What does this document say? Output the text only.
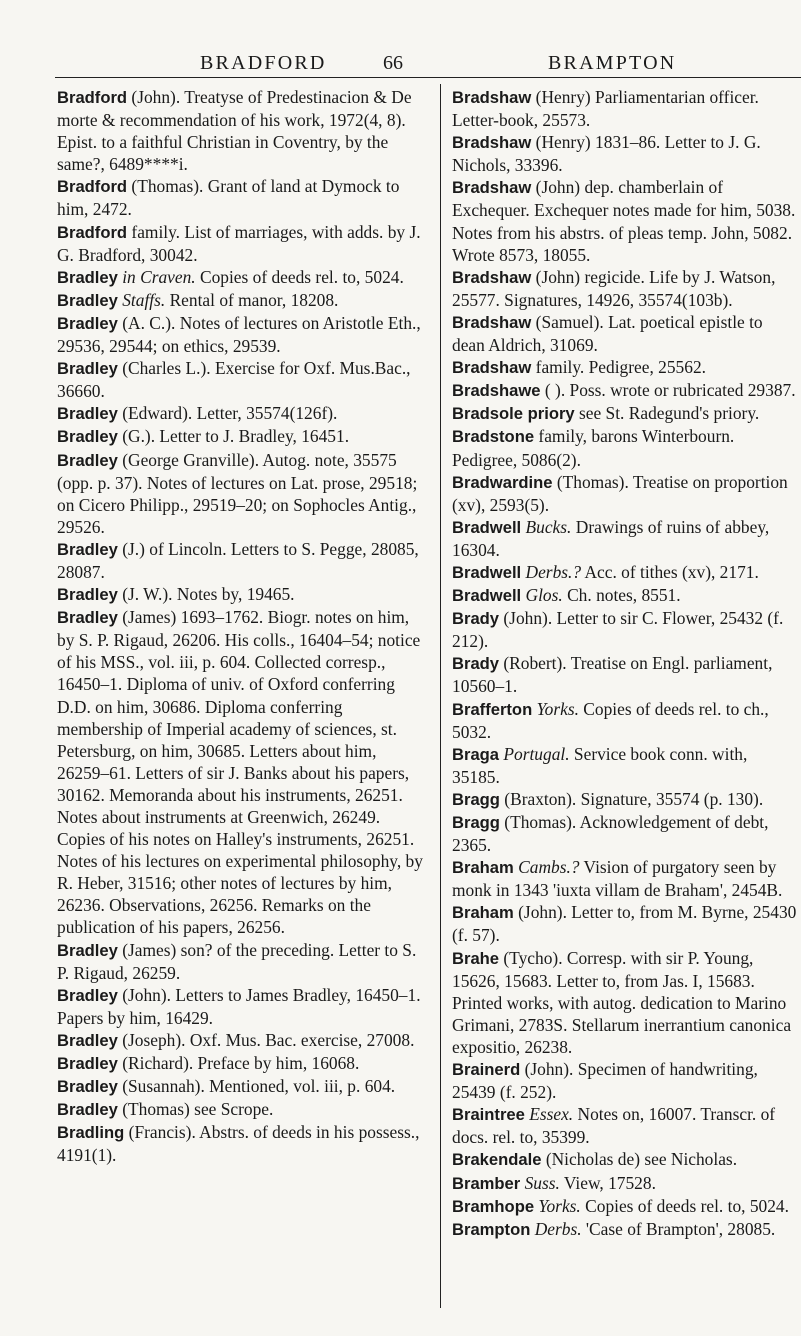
BRADFORD	66	BRAMPTON

Bradford (John). Treatyse of Predestinacion & De morte & recommendation of his work, 1972(4, 8). Epist. to a faithful Christian in Coventry, by the same?, 6489****i.

Bradford (Thomas). Grant of land at Dymock to him, 2472.

Bradford family. List of marriages, with adds. by J. G. Bradford, 30042.

Bradley in Craven. Copies of deeds rel. to, 5024.

Bradley Staffs. Rental of manor, 18208.

Bradley (A. C.). Notes of lectures on Aristotle Eth., 29536, 29544; on ethics, 29539.

Bradley (Charles L.). Exercise for Oxf. Mus.Bac., 36660.

Bradley (Edward). Letter, 35574(126f).

Bradley (G.). Letter to J. Bradley, 16451.

Bradley (George Granville). Autog. note, 35575 (opp. p. 37). Notes of lectures on Lat. prose, 29518; on Cicero Philipp., 29519–20; on Sophocles Antig., 29526.

Bradley (J.) of Lincoln. Letters to S. Pegge, 28085, 28087.

Bradley (J. W.). Notes by, 19465.

Bradley (James) 1693–1762. Biogr. notes on him, by S. P. Rigaud, 26206. His colls., 16404–54; notice of his MSS., vol. iii, p. 604. Collected corresp., 16450–1. Diploma of univ. of Oxford conferring D.D. on him, 30686. Diploma conferring membership of Imperial academy of sciences, st. Petersburg, on him, 30685. Letters about him, 26259–61. Letters of sir J. Banks about his papers, 30162. Memoranda about his instruments, 26251. Notes about instruments at Greenwich, 26249. Copies of his notes on Halley's instruments, 26251. Notes of his lectures on experimental philosophy, by R. Heber, 31516; other notes of lectures by him, 26236. Observations, 26256. Remarks on the publication of his papers, 26256.

Bradley (James) son? of the preceding. Letter to S. P. Rigaud, 26259.

Bradley (John). Letters to James Bradley, 16450–1. Papers by him, 16429.

Bradley (Joseph). Oxf. Mus. Bac. exercise, 27008.

Bradley (Richard). Preface by him, 16068.

Bradley (Susannah). Mentioned, vol. iii, p. 604.

Bradley (Thomas) see Scrope.

Bradling (Francis). Abstrs. of deeds in his possess., 4191(1).

Bradshaw (Henry) Parliamentarian officer. Letter-book, 25573.

Bradshaw (Henry) 1831–86. Letter to J. G. Nichols, 33396.

Bradshaw (John) dep. chamberlain of Exchequer. Exchequer notes made for him, 5038. Notes from his abstrs. of pleas temp. John, 5082. Wrote 8573, 18055.

Bradshaw (John) regicide. Life by J. Watson, 25577. Signatures, 14926, 35574(103b).

Bradshaw (Samuel). Lat. poetical epistle to dean Aldrich, 31069.

Bradshaw family. Pedigree, 25562.

Bradshawe ( ). Poss. wrote or rubricated 29387.

Bradsole priory see St. Radegund's priory.

Bradstone family, barons Winterbourn. Pedigree, 5086(2).

Bradwardine (Thomas). Treatise on proportion (xv), 2593(5).

Bradwell Bucks. Drawings of ruins of abbey, 16304.

Bradwell Derbs.? Acc. of tithes (xv), 2171.

Bradwell Glos. Ch. notes, 8551.

Brady (John). Letter to sir C. Flower, 25432 (f. 212).

Brady (Robert). Treatise on Engl. parliament, 10560–1.

Brafferton Yorks. Copies of deeds rel. to ch., 5032.

Braga Portugal. Service book conn. with, 35185.

Bragg (Braxton). Signature, 35574 (p. 130).

Bragg (Thomas). Acknowledgement of debt, 2365.

Braham Cambs.? Vision of purgatory seen by monk in 1343 'iuxta villam de Braham', 2454B.

Braham (John). Letter to, from M. Byrne, 25430 (f. 57).

Brahe (Tycho). Corresp. with sir P. Young, 15626, 15683. Letter to, from Jas. I, 15683. Printed works, with autog. dedication to Marino Grimani, 2783S. Stellarum inerrantium canonica expositio, 26238.

Brainerd (John). Specimen of handwriting, 25439 (f. 252).

Braintree Essex. Notes on, 16007. Transcr. of docs. rel. to, 35399.

Brakendale (Nicholas de) see Nicholas.

Bramber Suss. View, 17528.

Bramhope Yorks. Copies of deeds rel. to, 5024.

Brampton Derbs. 'Case of Brampton', 28085.
